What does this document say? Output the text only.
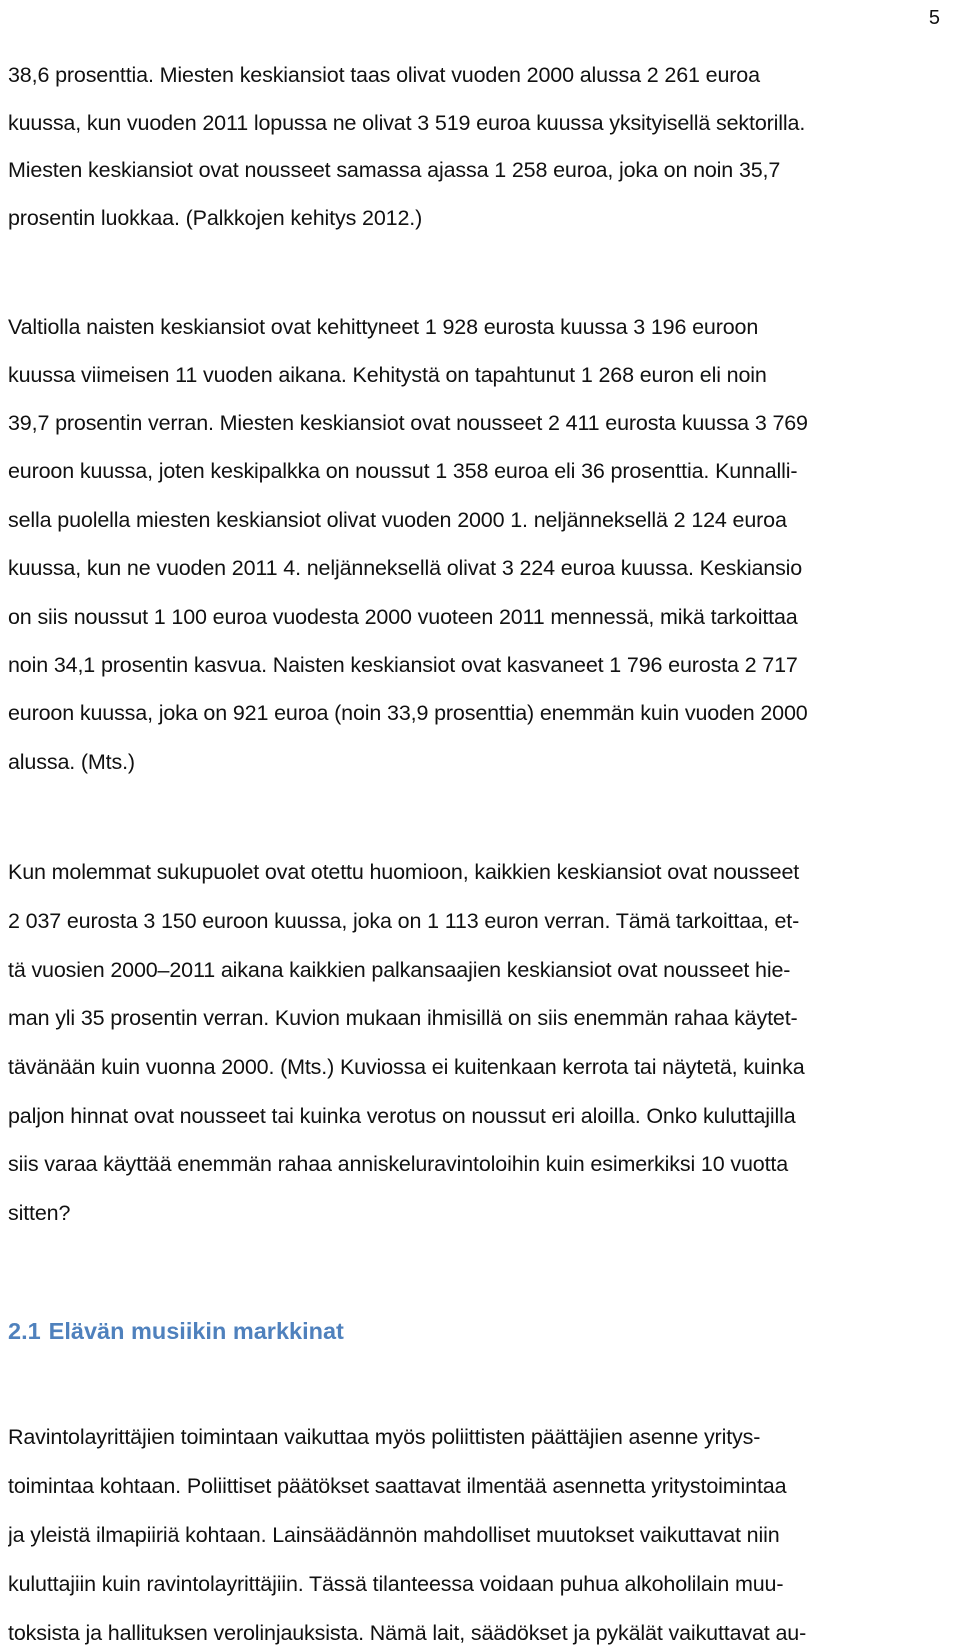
5
38,6 prosenttia. Miesten keskiansiot taas olivat vuoden 2000 alussa 2 261 euroa
kuussa, kun vuoden 2011 lopussa ne olivat 3 519 euroa kuussa yksityisellä sektorilla.
Miesten keskiansiot ovat nousseet samassa ajassa 1 258 euroa, joka on noin 35,7
prosentin luokkaa. (Palkkojen kehitys 2012.)
Valtiolla naisten keskiansiot ovat kehittyneet 1 928 eurosta kuussa 3 196 euroon
kuussa viimeisen 11 vuoden aikana. Kehitystä on tapahtunut 1 268 euron eli noin
39,7 prosentin verran. Miesten keskiansiot ovat nousseet 2 411 eurosta kuussa 3 769
euroon kuussa, joten keskipalkka on noussut 1 358 euroa eli 36 prosenttia. Kunnalli-
sella puolella miesten keskiansiot olivat vuoden 2000 1. neljänneksellä 2 124 euroa
kuussa, kun ne vuoden 2011 4. neljänneksellä olivat 3 224 euroa kuussa. Keskiansio
on siis noussut 1 100 euroa vuodesta 2000 vuoteen 2011 mennessä, mikä tarkoittaa
noin 34,1 prosentin kasvua. Naisten keskiansiot ovat kasvaneet 1 796 eurosta 2 717
euroon kuussa, joka on 921 euroa (noin 33,9 prosenttia) enemmän kuin vuoden 2000
alussa. (Mts.)
Kun molemmat sukupuolet ovat otettu huomioon, kaikkien keskiansiot ovat nousseet
2 037 eurosta 3 150 euroon kuussa, joka on 1 113 euron verran. Tämä tarkoittaa, et-
tä vuosien 2000–2011 aikana kaikkien palkansaajien keskiansiot ovat nousseet hie-
man yli 35 prosentin verran. Kuvion mukaan ihmisillä on siis enemmän rahaa käytet-
tävänään kuin vuonna 2000. (Mts.) Kuviossa ei kuitenkaan kerrota tai näytetä, kuinka
paljon hinnat ovat nousseet tai kuinka verotus on noussut eri aloilla. Onko kuluttajilla
siis varaa käyttää enemmän rahaa anniskeluravintoloihin kuin esimerkiksi 10 vuotta
sitten?
2.1 Elävän musiikin markkinat
Ravintolayrittäjien toimintaan vaikuttaa myös poliittisten päättäjien asenne yritys-
toimintaa kohtaan. Poliittiset päätökset saattavat ilmentää asennetta yritystoimintaa
ja yleistä ilmapiiriä kohtaan. Lainsäädännön mahdolliset muutokset vaikuttavat niin
kuluttajiin kuin ravintolayrittäjiin. Tässä tilanteessa voidaan puhua alkoholilain muu-
toksista ja hallituksen verolinjauksista. Nämä lait, säädökset ja pykälät vaikuttavat au-
